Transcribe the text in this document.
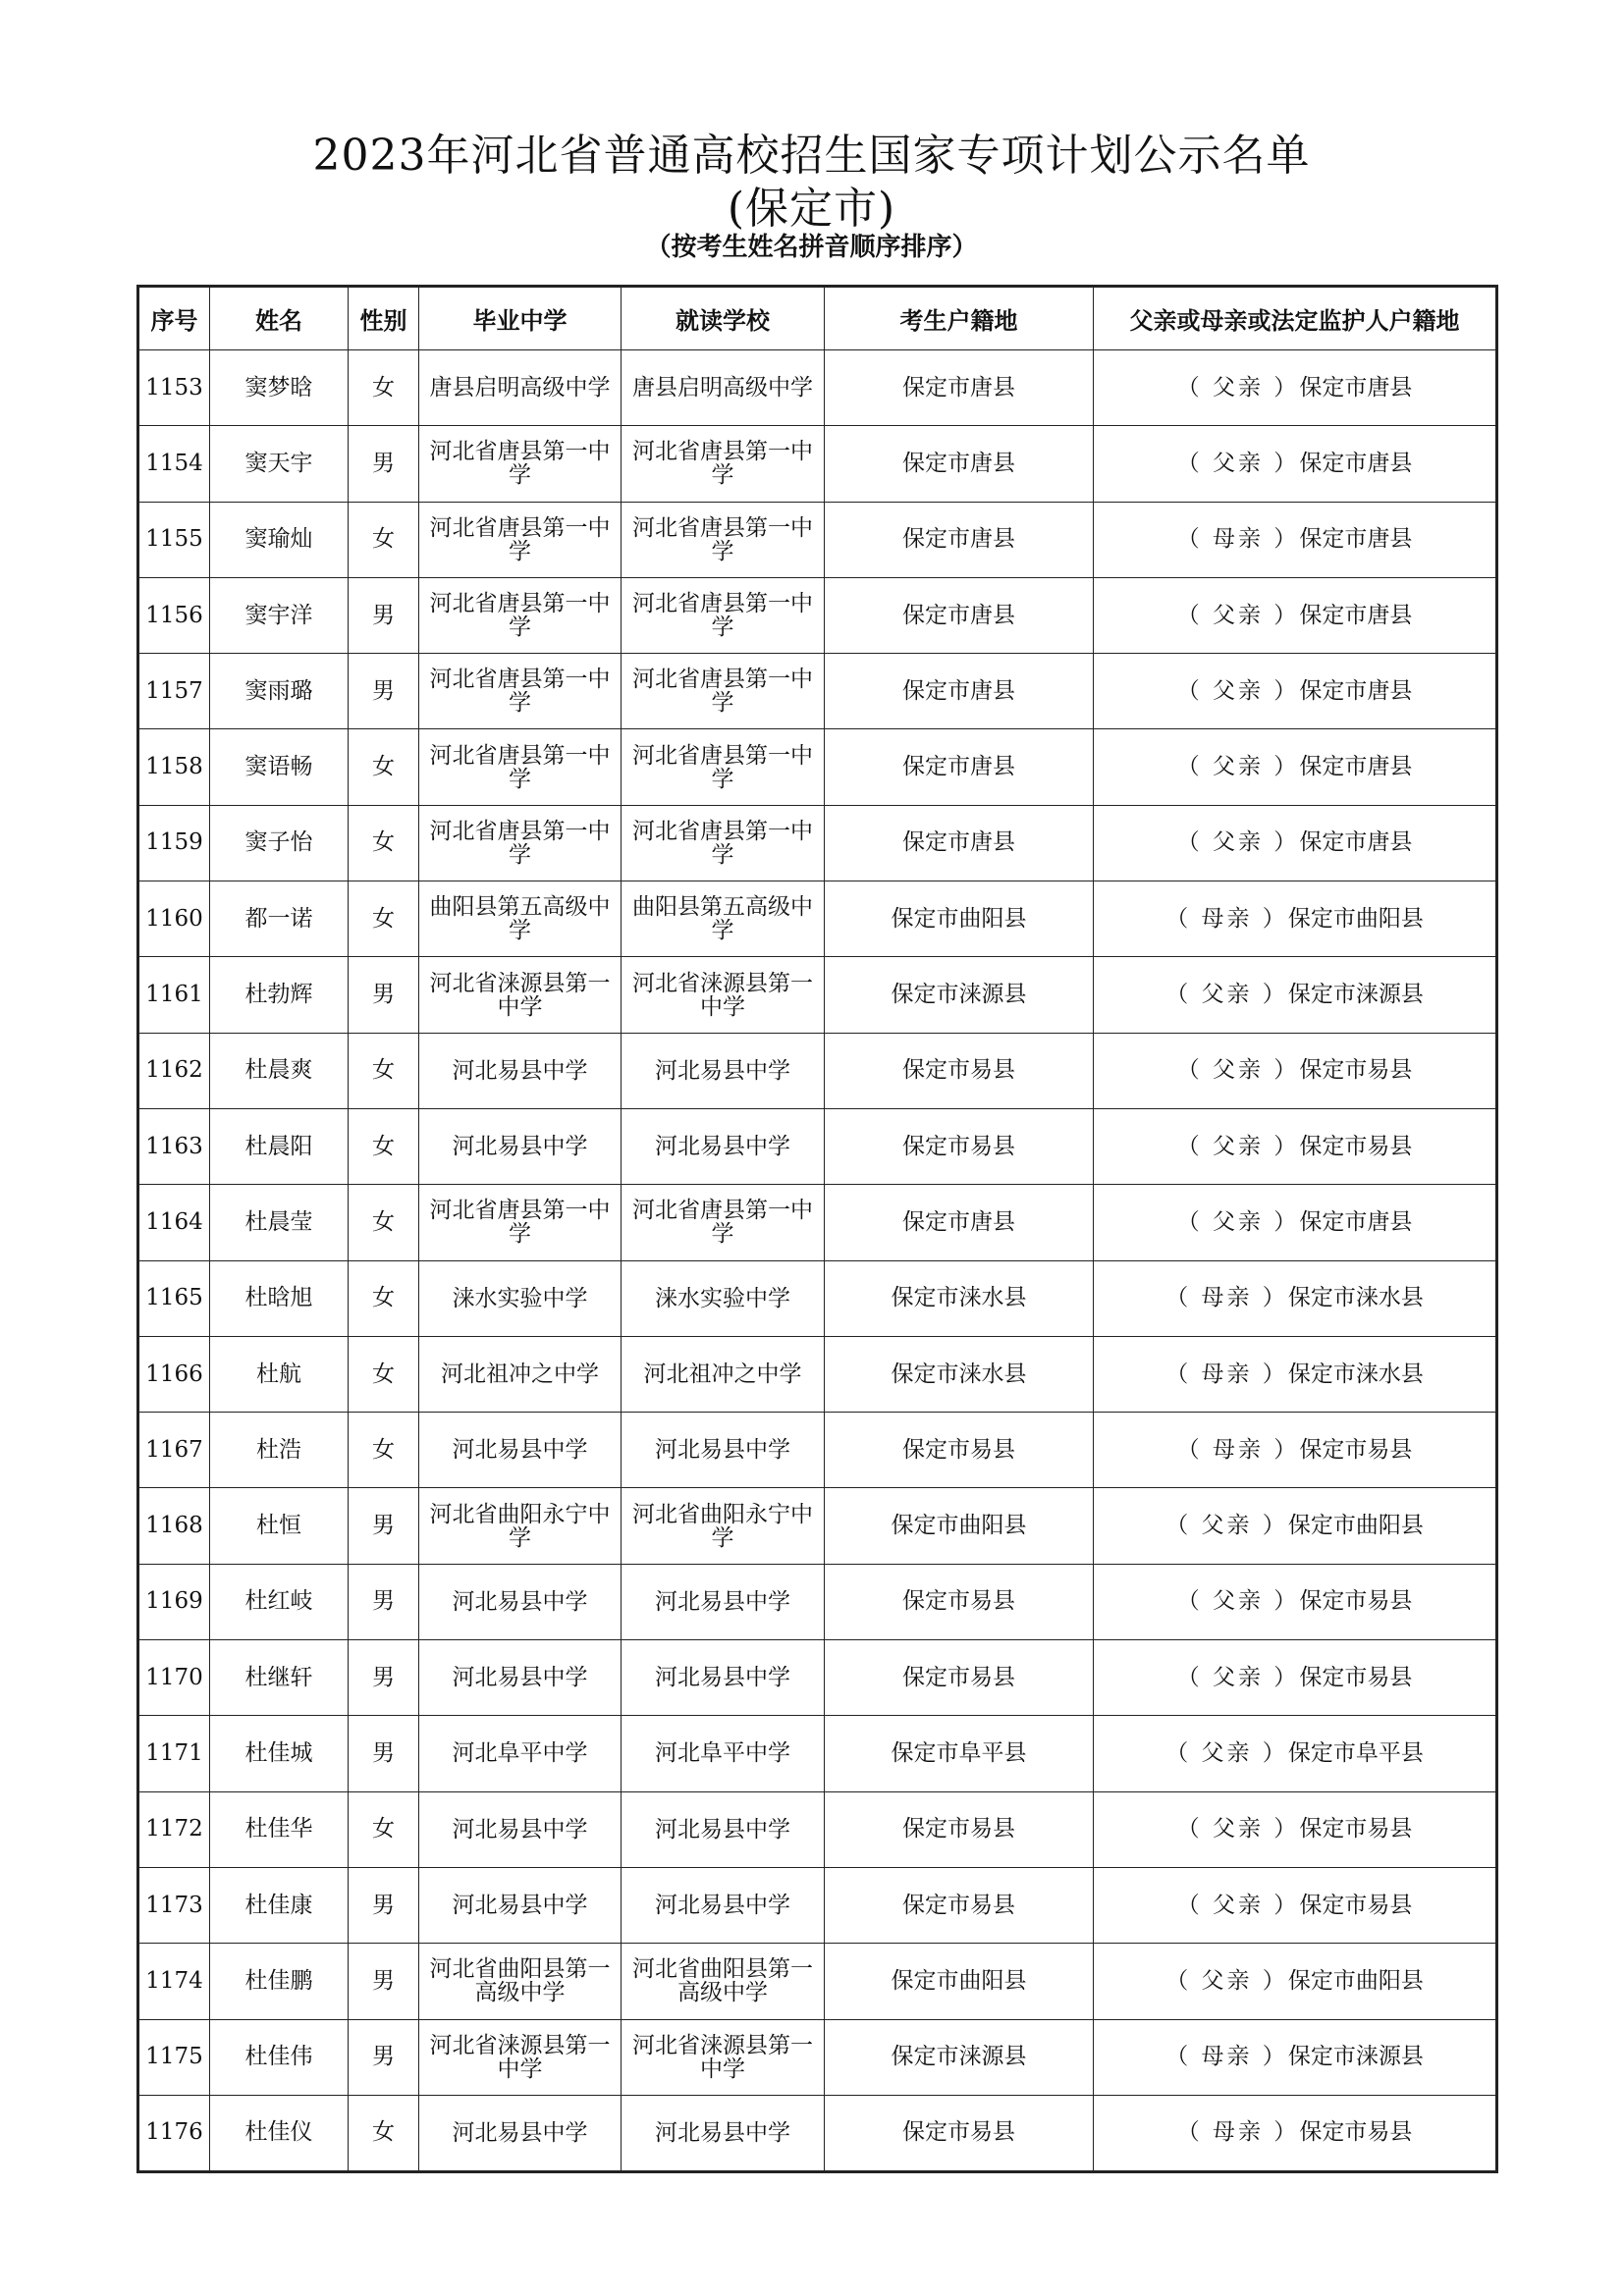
2023年河北省普通高校招生国家专项计划公示名单
(保定市)
（按考生姓名拼音顺序排序）
序号	姓名	性别	毕业中学	就读学校	考生户籍地	父亲或母亲或法定监护人户籍地
1153	窦梦晗	女	唐县启明高级中学	唐县启明高级中学	保定市唐县	（ 父亲 ）保定市唐县
1154	窦天宇	男	河北省唐县第一中学	河北省唐县第一中学	保定市唐县	（ 父亲 ）保定市唐县
1155	窦瑜灿	女	河北省唐县第一中学	河北省唐县第一中学	保定市唐县	（ 母亲 ）保定市唐县
1156	窦宇洋	男	河北省唐县第一中学	河北省唐县第一中学	保定市唐县	（ 父亲 ）保定市唐县
1157	窦雨璐	男	河北省唐县第一中学	河北省唐县第一中学	保定市唐县	（ 父亲 ）保定市唐县
1158	窦语畅	女	河北省唐县第一中学	河北省唐县第一中学	保定市唐县	（ 父亲 ）保定市唐县
1159	窦子怡	女	河北省唐县第一中学	河北省唐县第一中学	保定市唐县	（ 父亲 ）保定市唐县
1160	都一诺	女	曲阳县第五高级中学	曲阳县第五高级中学	保定市曲阳县	（ 母亲 ）保定市曲阳县
1161	杜勃辉	男	河北省涞源县第一中学	河北省涞源县第一中学	保定市涞源县	（ 父亲 ）保定市涞源县
1162	杜晨爽	女	河北易县中学	河北易县中学	保定市易县	（ 父亲 ）保定市易县
1163	杜晨阳	女	河北易县中学	河北易县中学	保定市易县	（ 父亲 ）保定市易县
1164	杜晨莹	女	河北省唐县第一中学	河北省唐县第一中学	保定市唐县	（ 父亲 ）保定市唐县
1165	杜晗旭	女	涞水实验中学	涞水实验中学	保定市涞水县	（ 母亲 ）保定市涞水县
1166	杜航	女	河北祖冲之中学	河北祖冲之中学	保定市涞水县	（ 母亲 ）保定市涞水县
1167	杜浩	女	河北易县中学	河北易县中学	保定市易县	（ 母亲 ）保定市易县
1168	杜恒	男	河北省曲阳永宁中学	河北省曲阳永宁中学	保定市曲阳县	（ 父亲 ）保定市曲阳县
1169	杜红岐	男	河北易县中学	河北易县中学	保定市易县	（ 父亲 ）保定市易县
1170	杜继轩	男	河北易县中学	河北易县中学	保定市易县	（ 父亲 ）保定市易县
1171	杜佳城	男	河北阜平中学	河北阜平中学	保定市阜平县	（ 父亲 ）保定市阜平县
1172	杜佳华	女	河北易县中学	河北易县中学	保定市易县	（ 父亲 ）保定市易县
1173	杜佳康	男	河北易县中学	河北易县中学	保定市易县	（ 父亲 ）保定市易县
1174	杜佳鹏	男	河北省曲阳县第一高级中学	河北省曲阳县第一高级中学	保定市曲阳县	（ 父亲 ）保定市曲阳县
1175	杜佳伟	男	河北省涞源县第一中学	河北省涞源县第一中学	保定市涞源县	（ 母亲 ）保定市涞源县
1176	杜佳仪	女	河北易县中学	河北易县中学	保定市易县	（ 母亲 ）保定市易县
